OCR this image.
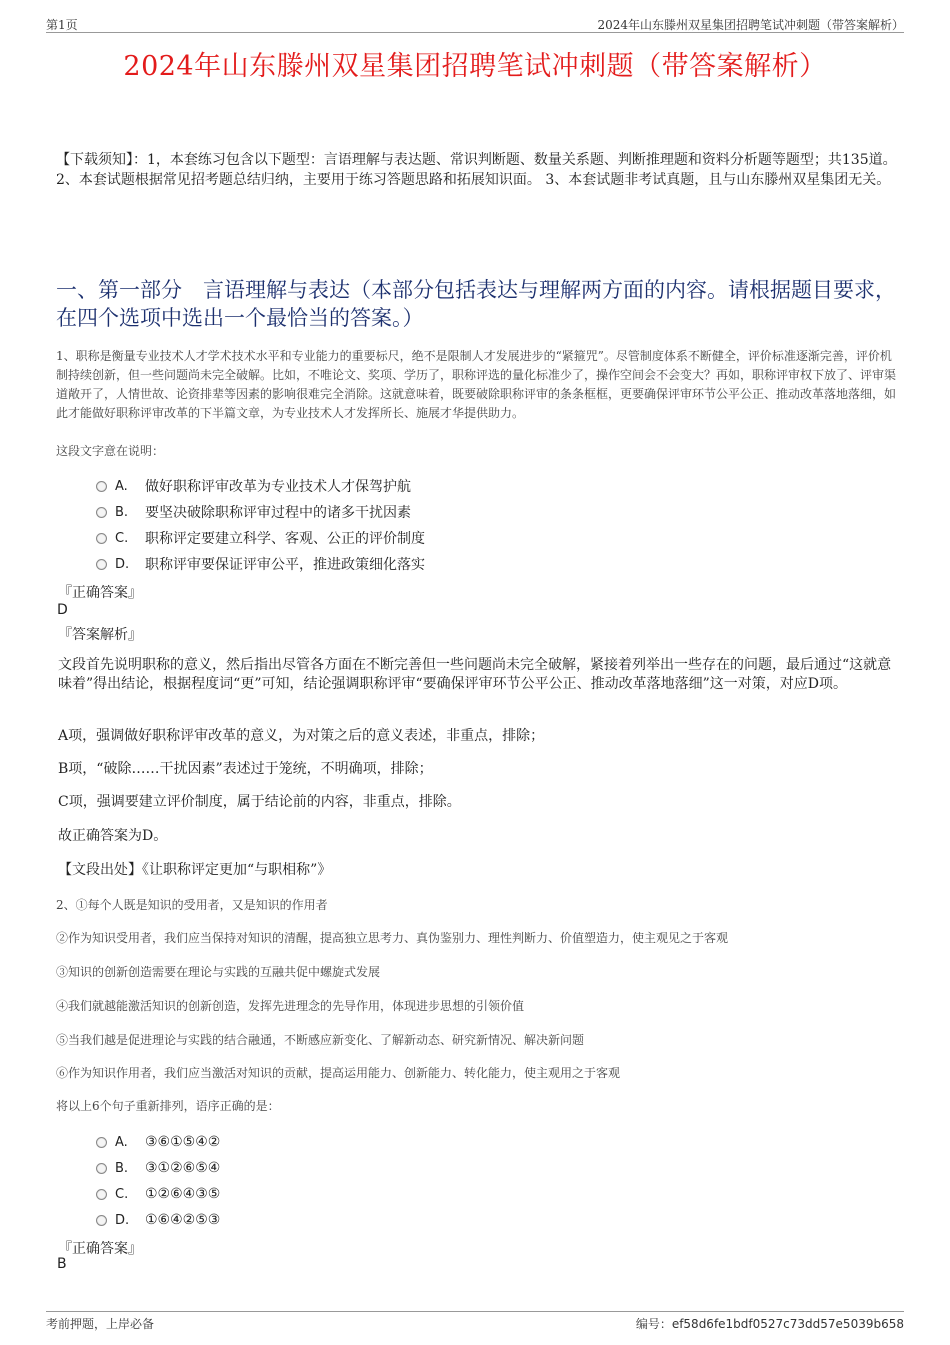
第1页	2024年山东滕州双星集团招聘笔试冲刺题（带答案解析）
2024年山东滕州双星集团招聘笔试冲刺题（带答案解析）
【下载须知】：1，本套练习包含以下题型：言语理解与表达题、常识判断题、数量关系题、判断推理题和资料分析题等题型；共135道。 2、本套试题根据常见招考题总结归纳，主要用于练习答题思路和拓展知识面。 3、本套试题非考试真题，且与山东滕州双星集团无关。
一、第一部分　言语理解与表达（本部分包括表达与理解两方面的内容。请根据题目要求，在四个选项中选出一个最恰当的答案。）
1、职称是衡量专业技术人才学术技术水平和专业能力的重要标尺，绝不是限制人才发展进步的“紧箍咒”。尽管制度体系不断健全，评价标准逐渐完善，评价机制持续创新，但一些问题尚未完全破解。比如，不唯论文、奖项、学历了，职称评选的量化标准少了，操作空间会不会变大？再如，职称评审权下放了、评审渠道敞开了，人情世故、论资排辈等因素的影响很难完全消除。这就意味着，既要破除职称评审的条条框框，更要确保评审环节公平公正、推动改革落地落细，如此才能做好职称评审改革的下半篇文章，为专业技术人才发挥所长、施展才华提供助力。
这段文字意在说明：
A.	做好职称评审改革为专业技术人才保驾护航
B.	要坚决破除职称评审过程中的诸多干扰因素
C.	职称评定要建立科学、客观、公正的评价制度
D.	职称评审要保证评审公平，推进政策细化落实
『正确答案』
D
『答案解析』
文段首先说明职称的意义，然后指出尽管各方面在不断完善但一些问题尚未完全破解，紧接着列举出一些存在的问题，最后通过“这就意味着”得出结论，根据程度词“更”可知，结论强调职称评审“要确保评审环节公平公正、推动改革落地落细”这一对策，对应D项。
A项，强调做好职称评审改革的意义，为对策之后的意义表述，非重点，排除；
B项，“破除……干扰因素”表述过于笼统，不明确项，排除；
C项，强调要建立评价制度，属于结论前的内容，非重点，排除。
故正确答案为D。
【文段出处】《让职称评定更加“与职相称”》
2、①每个人既是知识的受用者，又是知识的作用者
②作为知识受用者，我们应当保持对知识的清醒，提高独立思考力、真伪鉴别力、理性判断力、价值塑造力，使主观见之于客观
③知识的创新创造需要在理论与实践的互融共促中螺旋式发展
④我们就越能激活知识的创新创造，发挥先进理念的先导作用，体现进步思想的引领价值
⑤当我们越是促进理论与实践的结合融通，不断感应新变化、了解新动态、研究新情况、解决新问题
⑥作为知识作用者，我们应当激活对知识的贡献，提高运用能力、创新能力、转化能力，使主观用之于客观
将以上6个句子重新排列，语序正确的是：
A.	③⑥①⑤④②
B.	③①②⑥⑤④
C.	①②⑥④③⑤
D.	①⑥④②⑤③
『正确答案』
B
考前押题，上岸必备	编号：ef58d6fe1bdf0527c73dd57e5039b658
